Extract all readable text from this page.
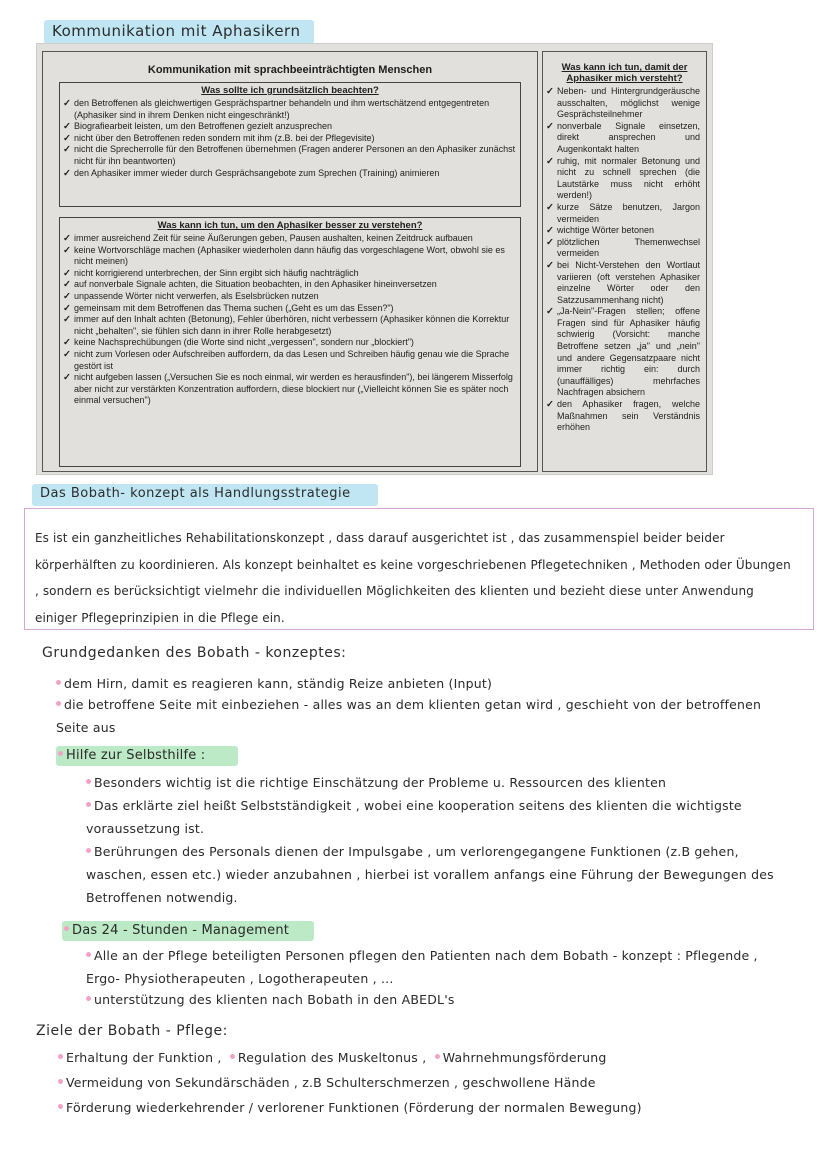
Kommunikation mit Aphasikern
Kommunikation mit sprachbeeinträchtigten Menschen
Was sollte ich grundsätzlich beachten?
✓ den Betroffenen als gleichwertigen Gesprächspartner behandeln und ihm wertschätzend entgegentreten (Aphasiker sind in ihrem Denken nicht eingeschränkt!)
✓ Biografiearbeit leisten, um den Betroffenen gezielt anzusprechen
✓ nicht über den Betroffenen reden sondern mit ihm (z.B. bei der Pflegevisite)
✓ nicht die Sprecherrolle für den Betroffenen übernehmen (Fragen anderer Personen an den Aphasiker zunächst nicht für ihn beantworten)
✓ den Aphasiker immer wieder durch Gesprächsangebote zum Sprechen (Training) animieren
Was kann ich tun, um den Aphasiker besser zu verstehen?
✓ immer ausreichend Zeit für seine Äußerungen geben, Pausen aushalten, keinen Zeitdruck aufbauen
✓ keine Wortvorschläge machen (Aphasiker wiederholen dann häufig das vorgeschlagene Wort, obwohl sie es nicht meinen)
✓ nicht korrigierend unterbrechen, der Sinn ergibt sich häufig nachträglich
✓ auf nonverbale Signale achten, die Situation beobachten, in den Aphasiker hineinversetzen
✓ unpassende Wörter nicht verwerfen, als Eselsbrücken nutzen
✓ gemeinsam mit dem Betroffenen das Thema suchen („Geht es um das Essen?")
✓ immer auf den Inhalt achten (Betonung), Fehler überhören, nicht verbessern (Aphasiker können die Korrektur nicht „behalten", sie fühlen sich dann in ihrer Rolle herabgesetzt)
✓ keine Nachsprechübungen (die Worte sind nicht „vergessen", sondern nur „blockiert")
✓ nicht zum Vorlesen oder Aufschreiben auffordern, da das Lesen und Schreiben häufig genau wie die Sprache gestört ist
✓ nicht aufgeben lassen („Versuchen Sie es noch einmal, wir werden es herausfinden"), bei längerem Misserfolg aber nicht zur verstärkten Konzentration auffordern, diese blockiert nur („Vielleicht können Sie es später noch einmal versuchen")
Was kann ich tun, damit der Aphasiker mich versteht?
✓ Neben- und Hintergrundgeräusche ausschalten, möglichst wenige Gesprächsteilnehmer
✓ nonverbale Signale einsetzen, direkt ansprechen und Augenkontakt halten
✓ ruhig, mit normaler Betonung und nicht zu schnell sprechen (die Lautstärke muss nicht erhöht werden!)
✓ kurze Sätze benutzen, Jargon vermeiden
✓ wichtige Wörter betonen
✓ plötzlichen Themenwechsel vermeiden
✓ bei Nicht-Verstehen den Wortlaut variieren (oft verstehen Aphasiker einzelne Wörter oder den Satzzusammenhang nicht)
✓ „Ja-Nein"-Fragen stellen; offene Fragen sind für Aphasiker häufig schwierig (Vorsicht: manche Betroffene setzen „ja" und „nein" und andere Gegensatzpaare nicht immer richtig ein: durch (unauffälliges) mehrfaches Nachfragen absichern
✓ den Aphasiker fragen, welche Maßnahmen sein Verständnis erhöhen
Das Bobath- konzept als Handlungsstrategie
Es ist ein ganzheitliches Rehabilitationskonzept , dass darauf ausgerichtet ist , das zusammenspiel beider beider körperhälften zu koordinieren. Als konzept beinhaltet es keine vorgeschriebenen Pflegetechniken , Methoden oder Übungen , sondern es berücksichtigt vielmehr die individuellen Möglichkeiten des klienten und bezieht diese unter Anwendung einiger Pflegeprinzipien in die Pflege ein.
Grundgedanken des Bobath - konzeptes:
dem Hirn, damit es reagieren kann, ständig Reize anbieten (Input)
die betroffene Seite mit einbeziehen - alles was an dem klienten getan wird , geschieht von der betroffenen Seite aus
Hilfe zur Selbsthilfe :
Besonders wichtig ist die richtige Einschätzung der Probleme u. Ressourcen des klienten
Das erklärte ziel heißt Selbstständigkeit , wobei eine kooperation seitens des klienten die wichtigste voraussetzung ist.
Berührungen des Personals dienen der Impulsgabe , um verlorengegangene Funktionen (z.B gehen, waschen, essen etc.) wieder anzubahnen , hierbei ist vorallem anfangs eine Führung der Bewegungen des Betroffenen notwendig.
Das 24 - Stunden - Management
Alle an der Pflege beteiligten Personen pflegen den Patienten nach dem Bobath - konzept : Pflegende , Ergo- Physiotherapeuten , Logotherapeuten , ...
unterstützung des klienten nach Bobath in den ABEDL's
Ziele der Bobath - Pflege:
Erhaltung der Funktion , Regulation des Muskeltonus , Wahrnehmungsförderung
Vermeidung von Sekundärschäden , z.B Schulterschmerzen , geschwollene Hände
Förderung wiederkehrender / verlorener Funktionen (Förderung der normalen Bewegung)
